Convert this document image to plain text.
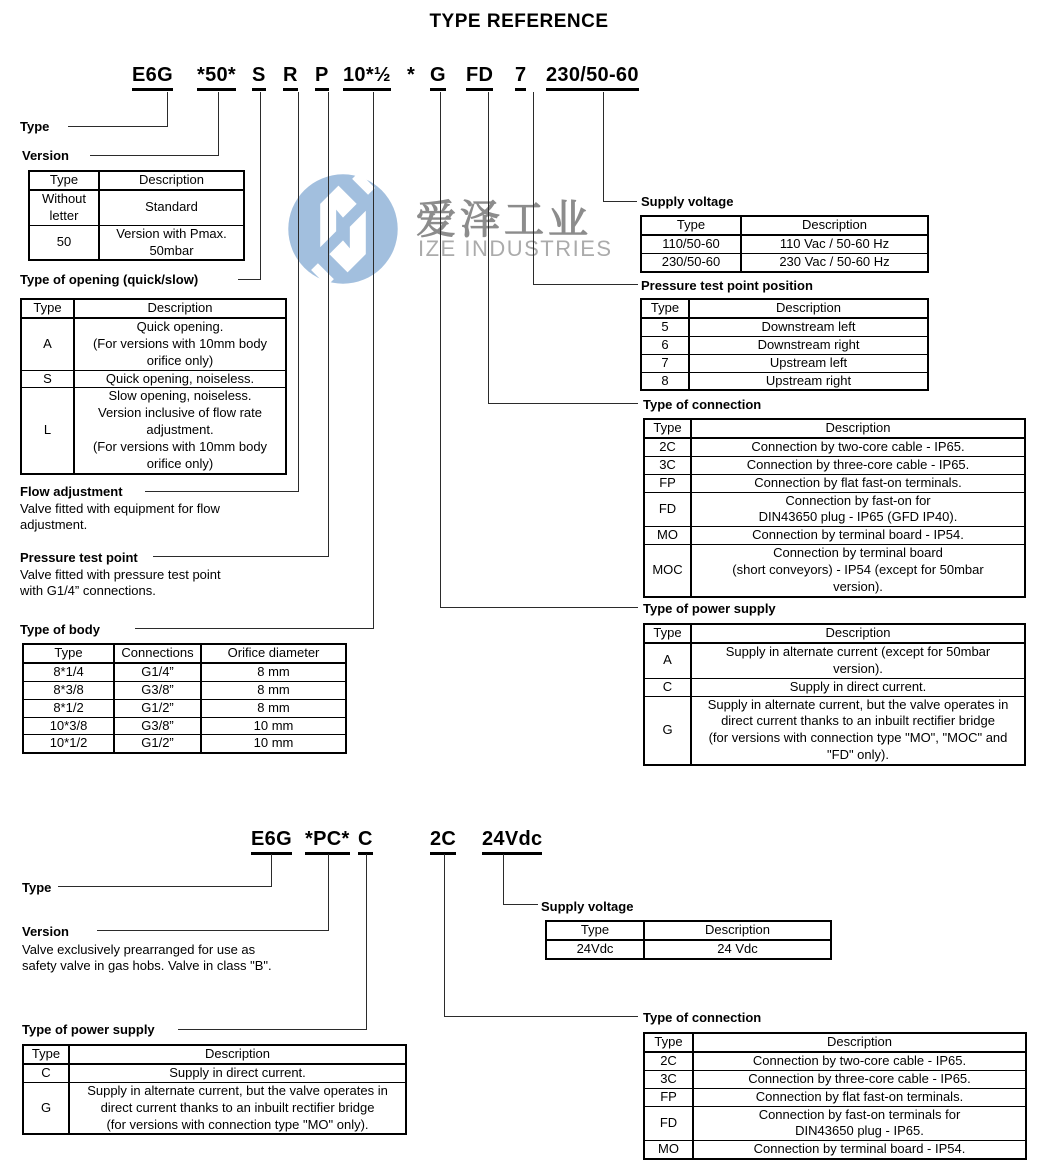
TYPE REFERENCE
爱泽工业
IZE INDUSTRIES
E6G *50* S R P 10*½ * G FD 7 230/50-60
Type
Version
Type of opening (quick/slow)
Flow adjustment
Valve fitted with equipment for flow
adjustment.
Pressure test point
Valve fitted with pressure test point
with G1/4” connections.
Type of body
Supply voltage
Pressure test point position
Type of connection
Type of power supply
Type	Description
Without
letter	Standard
50	Version with Pmax.
50mbar
Type	Description
A	Quick opening.
(For versions with 10mm body
orifice only)
S	Quick opening, noiseless.
L	Slow opening, noiseless.
Version inclusive of flow rate
adjustment.
(For versions with 10mm body
orifice only)
Type	Connections	Orifice diameter
8*1/4	G1/4”	8 mm
8*3/8	G3/8”	8 mm
8*1/2	G1/2”	8 mm
10*3/8	G3/8”	10 mm
10*1/2	G1/2”	10 mm
Type	Description
110/50-60	110 Vac / 50-60 Hz
230/50-60	230 Vac / 50-60 Hz
Type	Description
5	Downstream left
6	Downstream right
7	Upstream left
8	Upstream right
Type	Description
2C	Connection by two-core cable - IP65.
3C	Connection by three-core cable - IP65.
FP	Connection by flat fast-on terminals.
FD	Connection by fast-on for
DIN43650 plug - IP65 (GFD IP40).
MO	Connection by terminal board - IP54.
MOC	Connection by terminal board
(short conveyors) - IP54 (except for 50mbar
version).
Type	Description
A	Supply in alternate current (except for 50mbar
version).
C	Supply in direct current.
G	Supply in alternate current, but the valve operates in
direct current thanks to an inbuilt rectifier bridge
(for versions with connection type "MO", "MOC" and
"FD" only).
E6G *PC* C	2C 24Vdc
Type
Version
Valve exclusively prearranged for use as
safety valve in gas hobs. Valve in class "B".
Type of power supply
Supply voltage
Type of connection
Type	Description
24Vdc	24 Vdc
Type	Description
C	Supply in direct current.
G	Supply in alternate current, but the valve operates in
direct current thanks to an inbuilt rectifier bridge
(for versions with connection type "MO" only).
Type	Description
2C	Connection by two-core cable - IP65.
3C	Connection by three-core cable - IP65.
FP	Connection by flat fast-on terminals.
FD	Connection by fast-on terminals for
DIN43650 plug - IP65.
MO	Connection by terminal board - IP54.
